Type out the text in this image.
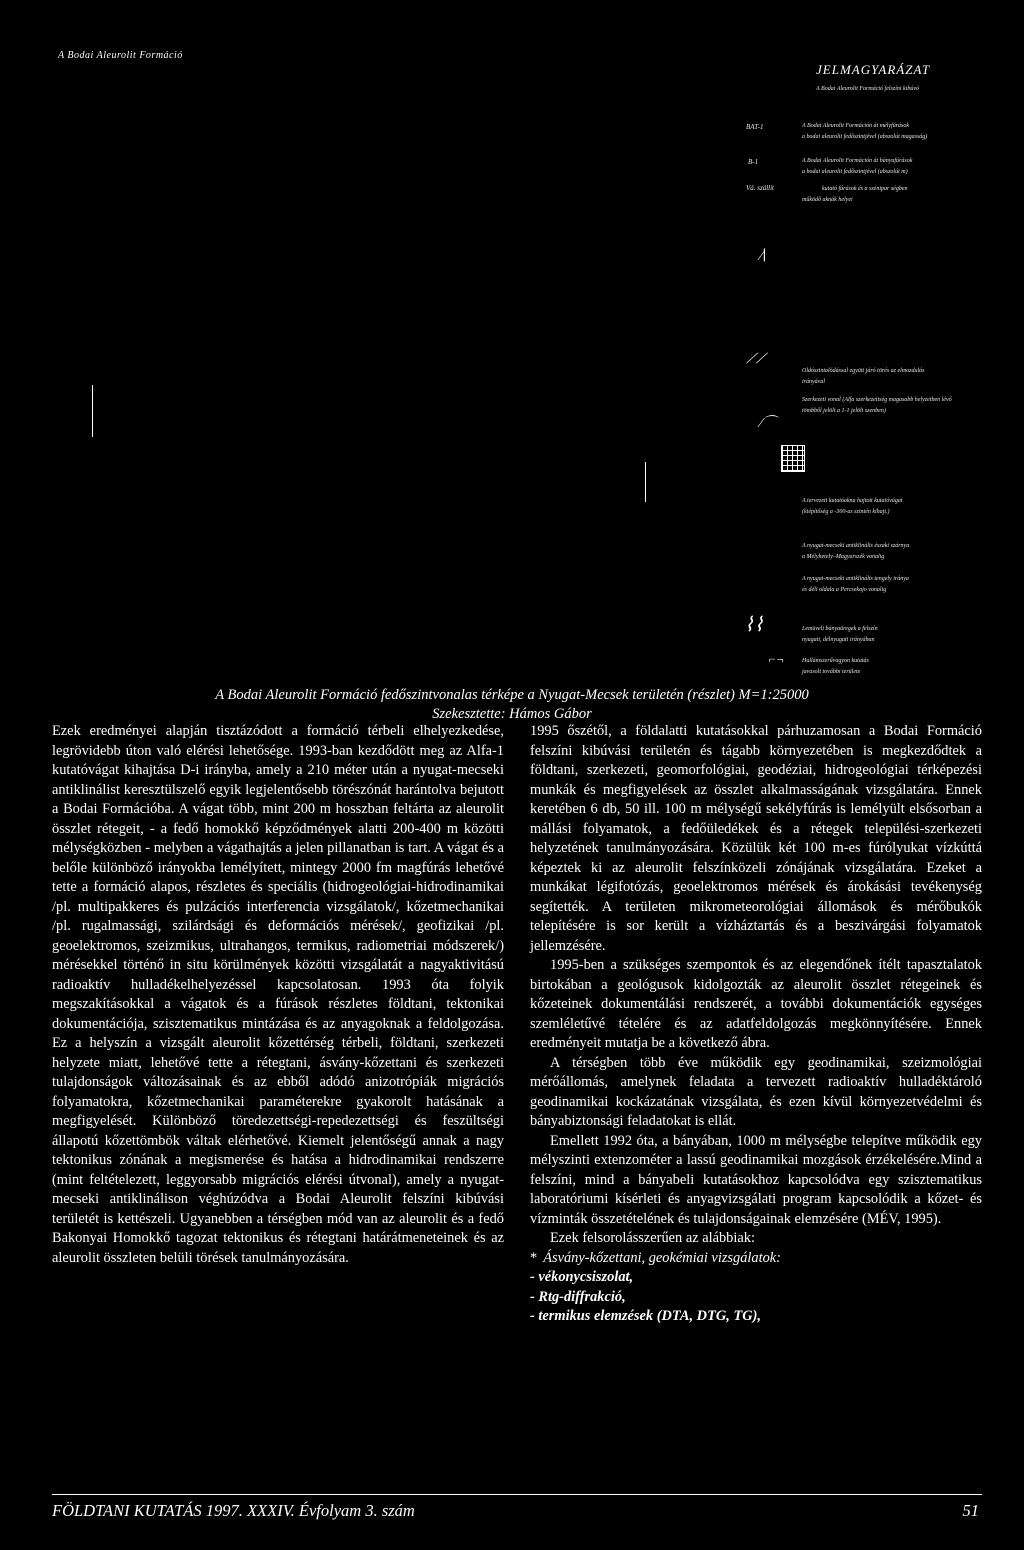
A Bodai Aleurolit Formáció
JELMAGYARÁZAT
A Bodai Aleurolit Formáció felszíni kibúvó
BAT-1	A Bodai Aleurolit Formáción át mélyfúrások
a bodai aleurolit fedőszintjével (abszolút magasság)
B-1	A Bodai Aleurolit Formáción át bányafúrások
a bodai aleurolit fedőszintjével (abszolút m)
Vá. szállít	kutató fúrások és a szénipar ségben
működő aknák helyei
∕∣
⟋⟋
Oldószintalódással együtt járó törés az elmozdulás
irányával
Szerkezeti vonal (Alfa szerkezetiség magasabb helyzetben lévő
tömbből jelölt a 1-1 jelölt szenben)
⁄⌒
A tervezett kutatóakna hajtott kutatóvágat
(kiépítőség a -300-as szintén kihajt.)
A nyugat-mecseki antiklinális északi szárnya
a Mélyhetely–Magyarszék vonalig
A nyugat-mecseki antiklinális tengely iránya
és déli oldala a Percsekajo vonalig
⌇⌇	Lemüveli bányaüregek a felszín
nyugati, délnyugati irányában
⌐¬	Hullámszerűvagyon kutatás
javasolt további területe
A Bodai Aleurolit Formáció fedőszintvonalas térképe a Nyugat-Mecsek területén (részlet) M=1:25000
Szekesztette: Hámos Gábor

Ezek eredményei alapján tisztázódott a formáció térbeli elhelyezkedése, legrövidebb úton való elérési lehetősége. 1993-ban kezdődött meg az Alfa-1 kutatóvágat kihajtása D-i irányba, amely a 210 méter után a nyugat-mecseki antiklinálist keresztülszelő egyik legjelentősebb törészónát harántolva bejutott a Bodai Formációba. A vágat több, mint 200 m hosszban feltárta az aleurolit összlet rétegeit, - a fedő homokkő képződmények alatti 200-400 m közötti mélységközben - melyben a vágathajtás a jelen pillanatban is tart. A vágat és a belőle különböző irányokba lemélyített, mintegy 2000 fm magfúrás lehetővé tette a formáció alapos, részletes és speciális (hidrogeológiai-hidrodinamikai /pl. multipakkeres és pulzációs interferencia vizsgálatok/, kőzetmechanikai /pl. rugalmassági, szilárdsági és deformációs mérések/, geofizikai /pl. geoelektromos, szeizmikus, ultrahangos, termikus, radiometriai módszerek/) mérésekkel történő in situ körülmények közötti vizsgálatát a nagyaktivitású radioaktív hulladékelhelyezéssel kapcsolatosan. 1993 óta folyik megszakításokkal a vágatok és a fúrások részletes földtani, tektonikai dokumentációja, szisztematikus mintázása és az anyagoknak a feldolgozása. Ez a helyszín a vizsgált aleurolit kőzettérség térbeli, földtani, szerkezeti helyzete miatt, lehetővé tette a rétegtani, ásvány-kőzettani és szerkezeti tulajdonságok változásainak és az ebből adódó anizotrópiák migrációs folyamatokra, kőzetmechanikai paraméterekre gyakorolt hatásának a megfigyelését. Különböző töredezettségi-repedezettségi és feszültségi állapotú kőzettömbök váltak elérhetővé. Kiemelt jelentőségű annak a nagy tektonikus zónának a megismerése és hatása a hidrodinamikai rendszerre (mint feltételezett, leggyorsabb migrációs elérési útvonal), amely a nyugat-mecseki antiklinálison véghúzódva a Bodai Aleurolit felszíni kibúvási területét is kettészeli. Ugyanebben a térségben mód van az aleurolit és a fedő Bakonyai Homokkő tagozat tektonikus és rétegtani határátmeneteinek és az aleurolit összleten belüli törések tanulmányozására.

1995 őszétől, a földalatti kutatásokkal párhuzamosan a Bodai Formáció felszíni kibúvási területén és tágabb környezetében is megkezdődtek a földtani, szerkezeti, geomorfológiai, geodéziai, hidrogeológiai térképezési munkák és megfigyelések az összlet alkalmasságának vizsgálatára. Ennek keretében 6 db, 50 ill. 100 m mélységű sekélyfúrás is lemélyült elsősorban a mállási folyamatok, a fedőüledékek és a rétegek települési-szerkezeti helyzetének tanulmányozására. Közülük két 100 m-es fúrólyukat vízkúttá képeztek ki az aleurolit felszínközeli zónájának vizsgálatára. Ezeket a munkákat légifotózás, geoelektromos mérések és árokásási tevékenység segítették. A területen mikrometeorológiai állomások és mérőbukók telepítésére is sor került a vízháztartás és a beszivárgási folyamatok jellemzésére.

1995-ben a szükséges szempontok és az elegendőnek ítélt tapasztalatok birtokában a geológusok kidolgozták az aleurolit összlet rétegeinek és kőzeteinek dokumentálási rendszerét, a további dokumentációk egységes szemléletűvé tételére és az adatfeldolgozás megkönnyítésére. Ennek eredményeit mutatja be a következő ábra.

A térségben több éve működik egy geodinamikai, szeizmológiai mérőállomás, amelynek feladata a tervezett radioaktív hulladéktároló geodinamikai kockázatának vizsgálata, és ezen kívül környezetvédelmi és bányabiztonsági feladatokat is ellát.

Emellett 1992 óta, a bányában, 1000 m mélységbe telepítve működik egy mélyszinti extenzométer a lassú geodinamikai mozgások érzékelésére.Mind a felszíni, mind a bányabeli kutatásokhoz kapcsolódva egy szisztematikus laboratóriumi kísérleti és anyagvizsgálati program kapcsolódik a kőzet- és vízminták összetételének és tulajdonságainak elemzésére (MÉV, 1995).

Ezek felsorolásszerűen az alábbiak:

* Ásvány-kőzettani, geokémiai vizsgálatok:
- vékonycsiszolat,
- Rtg-diffrakció,
- termikus elemzések (DTA, DTG, TG),
FÖLDTANI KUTATÁS 1997. XXXIV. Évfolyam 3. szám	51
